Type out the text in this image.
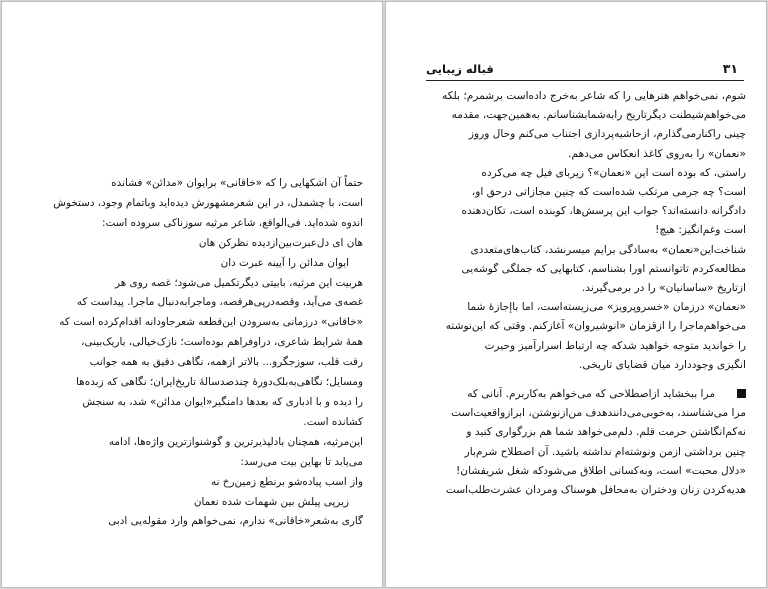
حتماً آن اشکهایی را که «خاقانی» برایوان «مدائن» فشانده

است، با چشمدل، در این شعرمشهورش دیده‌اید وباتمام وجود، دستخوش

اندوه شده‌اید. فی‌الواقع، شاعر مرثیه سوزناکی سروده است:

هان ای دل‌عبرت‌بین‌ازدیده نظرکن هان

ایوان مدائن را آیینه عبرت دان

هربیت این مرثیه، بابیتی دیگرتکمیل می‌شود؛ غصه روی هر

غصه‌ی می‌آید، وقصه‌درپی‌هرقصه، وماجرابه‌دنبال ماجرا. پیداست که

«خاقانی» درزمانی به‌سرودن این‌قطعه شعرجاودانه اقدام‌کرده است که

همهٔ شرایط شاعری، درا‌وفراهم بوده‌است؛ نازک‌خیالی، باریک‌بینی،

رقت قلب، سوزجگرو... بالاتر ازهمه، نگاهی دقیق به همه جوانب

ومسایل؛ نگاهی‌به‌بلک‌دورهٔ چندصدسالهٔ تاریخ‌ایران؛ نگاهی که زبده‌ها

را دیده و با ادباری که بعدها دامنگیر«ایوان مدائن» شد، به سنجش

کشانده است.

این‌مرثیه، همچنان بادلپذیرترین و گوشنوازترین واژه‌ها، ادامه

می‌یابد تا بهاین بیت می‌رسد:

واز اسب پیاده‌شو برنطع زمین‌رخ نه

زیرپی پیلش بین شهمات شده نعمان

گاری به‌شعر«خاقانی» ندارم، نمی‌خواهم وارد مقوله‌یی ادبی

قباله زیبایی	۳۱

شوم، نمی‌خواهم هنرهایی را که شاعر به‌خرج داده‌است برشمرم؛ بلکه

می‌خواهم‌شیطنت دیگرتاریخ رابه‌شمابشناسانم. به‌همین‌جهت، مقدمه

چینی راکنارمی‌گذارم، ازحاشیه‌پردازی اجتناب می‌کنم وحال وروز

«نعمان» را به‌روی کاغذ انعکاس می‌دهم.

راستی، که بوده است این «نعمان»؟ زیربای فیل چه می‌کرده

است؟ چه جرمی مرتکب شده‌است که چنین مجازاتی درحق او،

دادگرانه دانسته‌اند؟ جواب این پرسش‌ها، کوبنده است، تکان‌دهنده

است وغم‌انگیز: هیچ!

شناخت‌این«نعمان» به‌سادگی برایم میسرنشد، کتاب‌های‌متعددی

مطالعه‌کردم تاتوانستم اورا بشناسم، کتابهایی که جملگی گوشه‌یی

ازتاریخ «ساسانیان» را در برمی‌گیرند.

«نعمان» درزمان «خسروپرویز» می‌زیسته‌است، اما باإجازهٔ شما

می‌خواهم‌ماجرا را ازقزمان «انوشیروان» آغازکنم. وقتی که این‌نوشته

را خواندید متوجه خواهید شدکه چه ارتباط اسرارآمیز وحیرت‌

انگیزی وجوددارد میان قضایای تاریخی.

مرا ببخشاید ازاصطلاحی که می‌خواهم به‌کاربرم. آنانی که

مرا می‌شناسند، به‌خوبی‌می‌دانندهدف من‌ازنوشتن، ابرازواقعیت‌است

نه‌کم‌انگاشتن حرمت قلم. دلم‌می‌خواهد شما هم بزرگواری کنید و

چنین برداشتی ازمن ونوشته‌ام نداشته باشید. آن اصطلاح شرم‌بار

«دلال محبت» است، وبه‌کسانی اطلاق می‌شودکه شغل شریفشان!

هدیه‌کردن زنان ودختران به‌محافل هوسناک ومردان عشرت‌طلب‌است
